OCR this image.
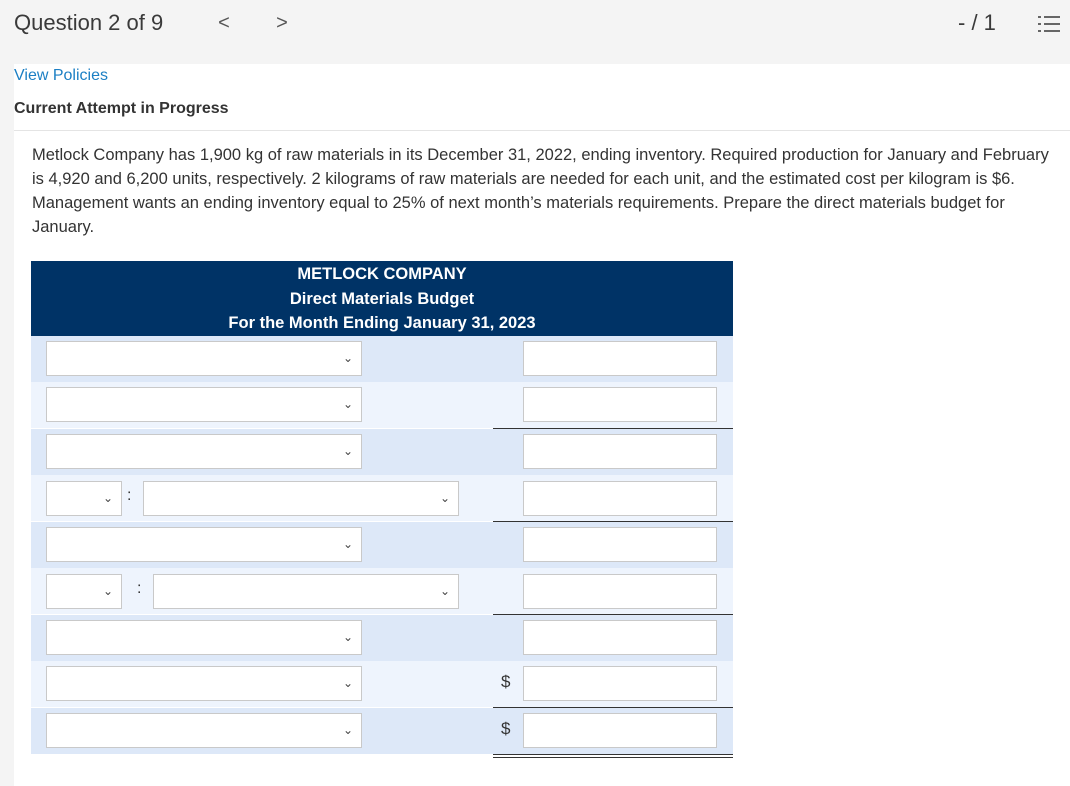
Question 2 of 9	< >	- / 1
View Policies
Current Attempt in Progress
Metlock Company has 1,900 kg of raw materials in its December 31, 2022, ending inventory. Required production for January and February is 4,920 and 6,200 units, respectively. 2 kilograms of raw materials are needed for each unit, and the estimated cost per kilogram is $6. Management wants an ending inventory equal to 25% of next month’s materials requirements. Prepare the direct materials budget for January.
METLOCK COMPANY
Direct Materials Budget
For the Month Ending January 31, 2023
⌄
⌄
⌄
⌄ :	⌄
⌄
⌄ :	⌄
⌄
⌄	$
⌄	$
